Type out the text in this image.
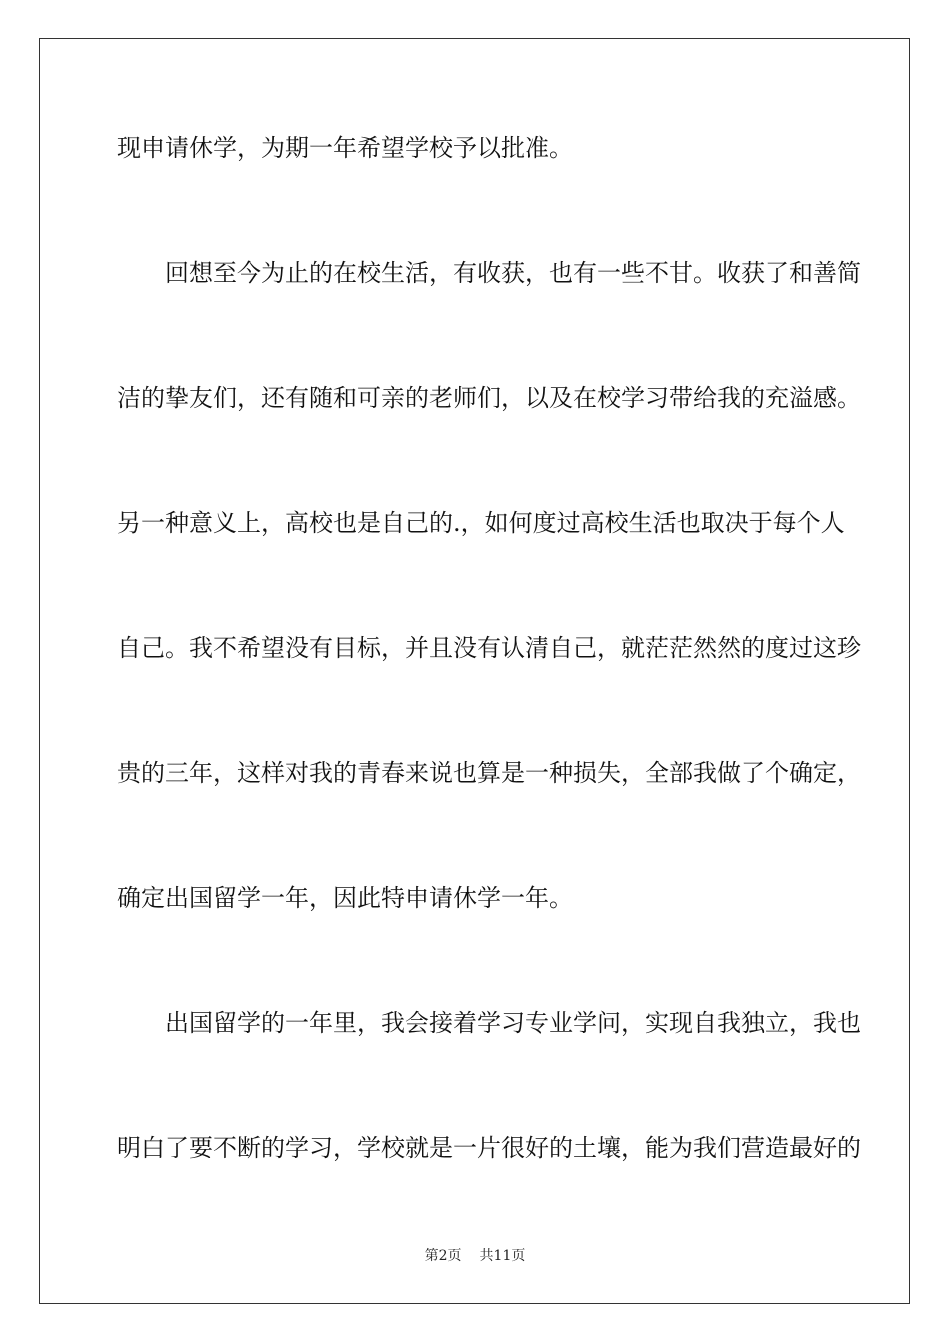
现申请休学，为期一年希望学校予以批准。
回想至今为止的在校生活，有收获，也有一些不甘。收获了和善简
洁的挚友们，还有随和可亲的老师们，以及在校学习带给我的充溢感。
另一种意义上，高校也是自己的.，如何度过高校生活也取决于每个人
自己。我不希望没有目标，并且没有认清自己，就茫茫然然的度过这珍
贵的三年，这样对我的青春来说也算是一种损失，全部我做了个确定，
确定出国留学一年，因此特申请休学一年。
出国留学的一年里，我会接着学习专业学问，实现自我独立，我也
明白了要不断的学习，学校就是一片很好的土壤，能为我们营造最好的
第2页 共11页
